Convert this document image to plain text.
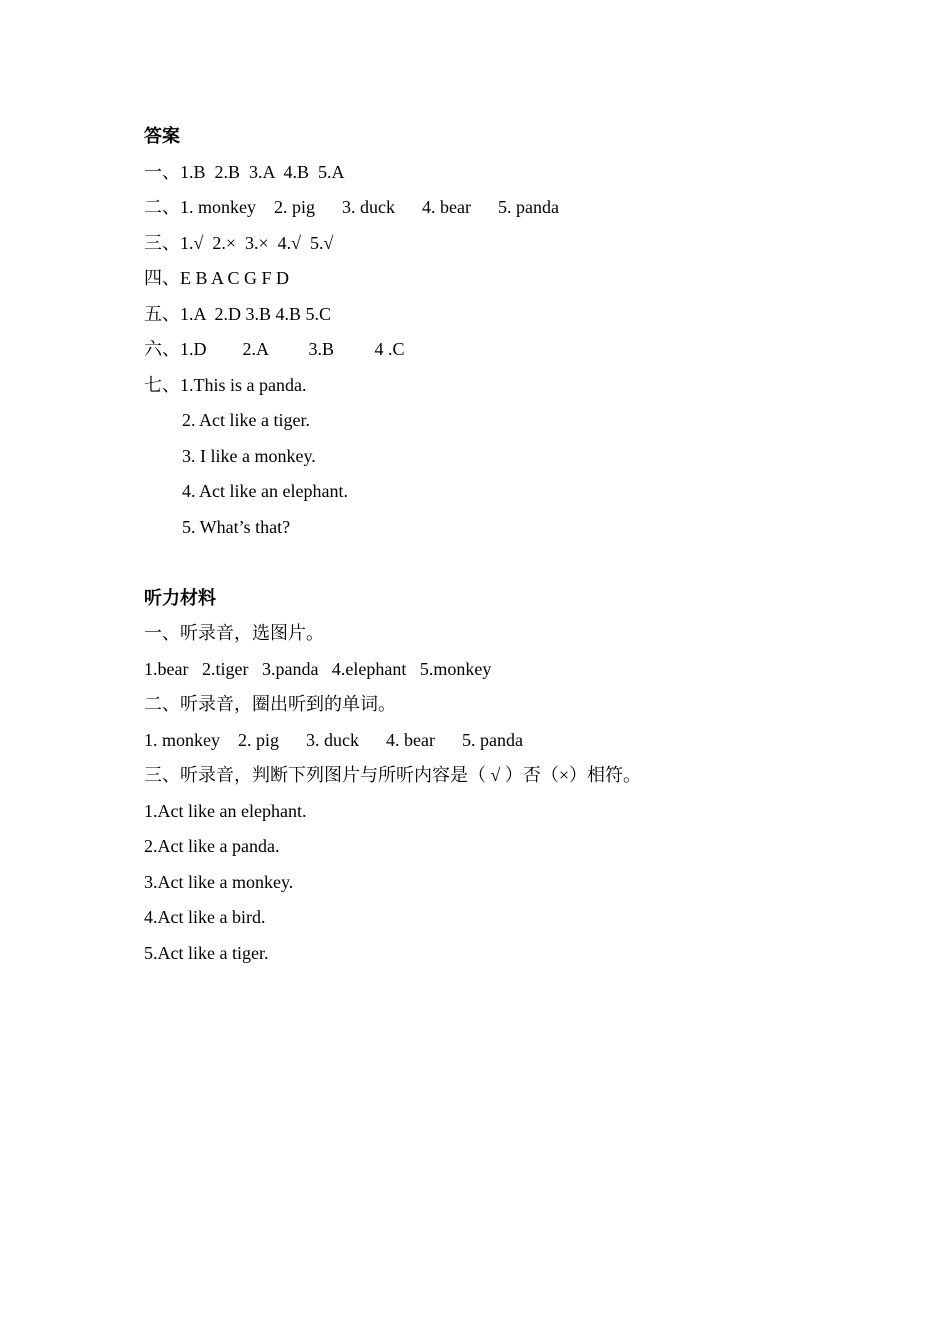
答案
一、1.B  2.B  3.A  4.B  5.A
二、1. monkey    2. pig      3. duck      4. bear      5. panda
三、1.√  2.×  3.×  4.√  5.√
四、E B A C G F D
五、1.A  2.D 3.B 4.B 5.C
六、1.D        2.A         3.B         4 .C
七、1.This is a panda.
2. Act like a tiger.
3. I like a monkey.
4. Act like an elephant.
5. What’s that?
听力材料
一、听录音，选图片。
1.bear   2.tiger   3.panda   4.elephant   5.monkey
二、听录音，圈出听到的单词。
1. monkey    2. pig      3. duck      4. bear      5. panda
三、听录音，判断下列图片与所听内容是（ √ ）否（×）相符。
1.Act like an elephant.
2.Act like a panda.
3.Act like a monkey.
4.Act like a bird.
5.Act like a tiger.
